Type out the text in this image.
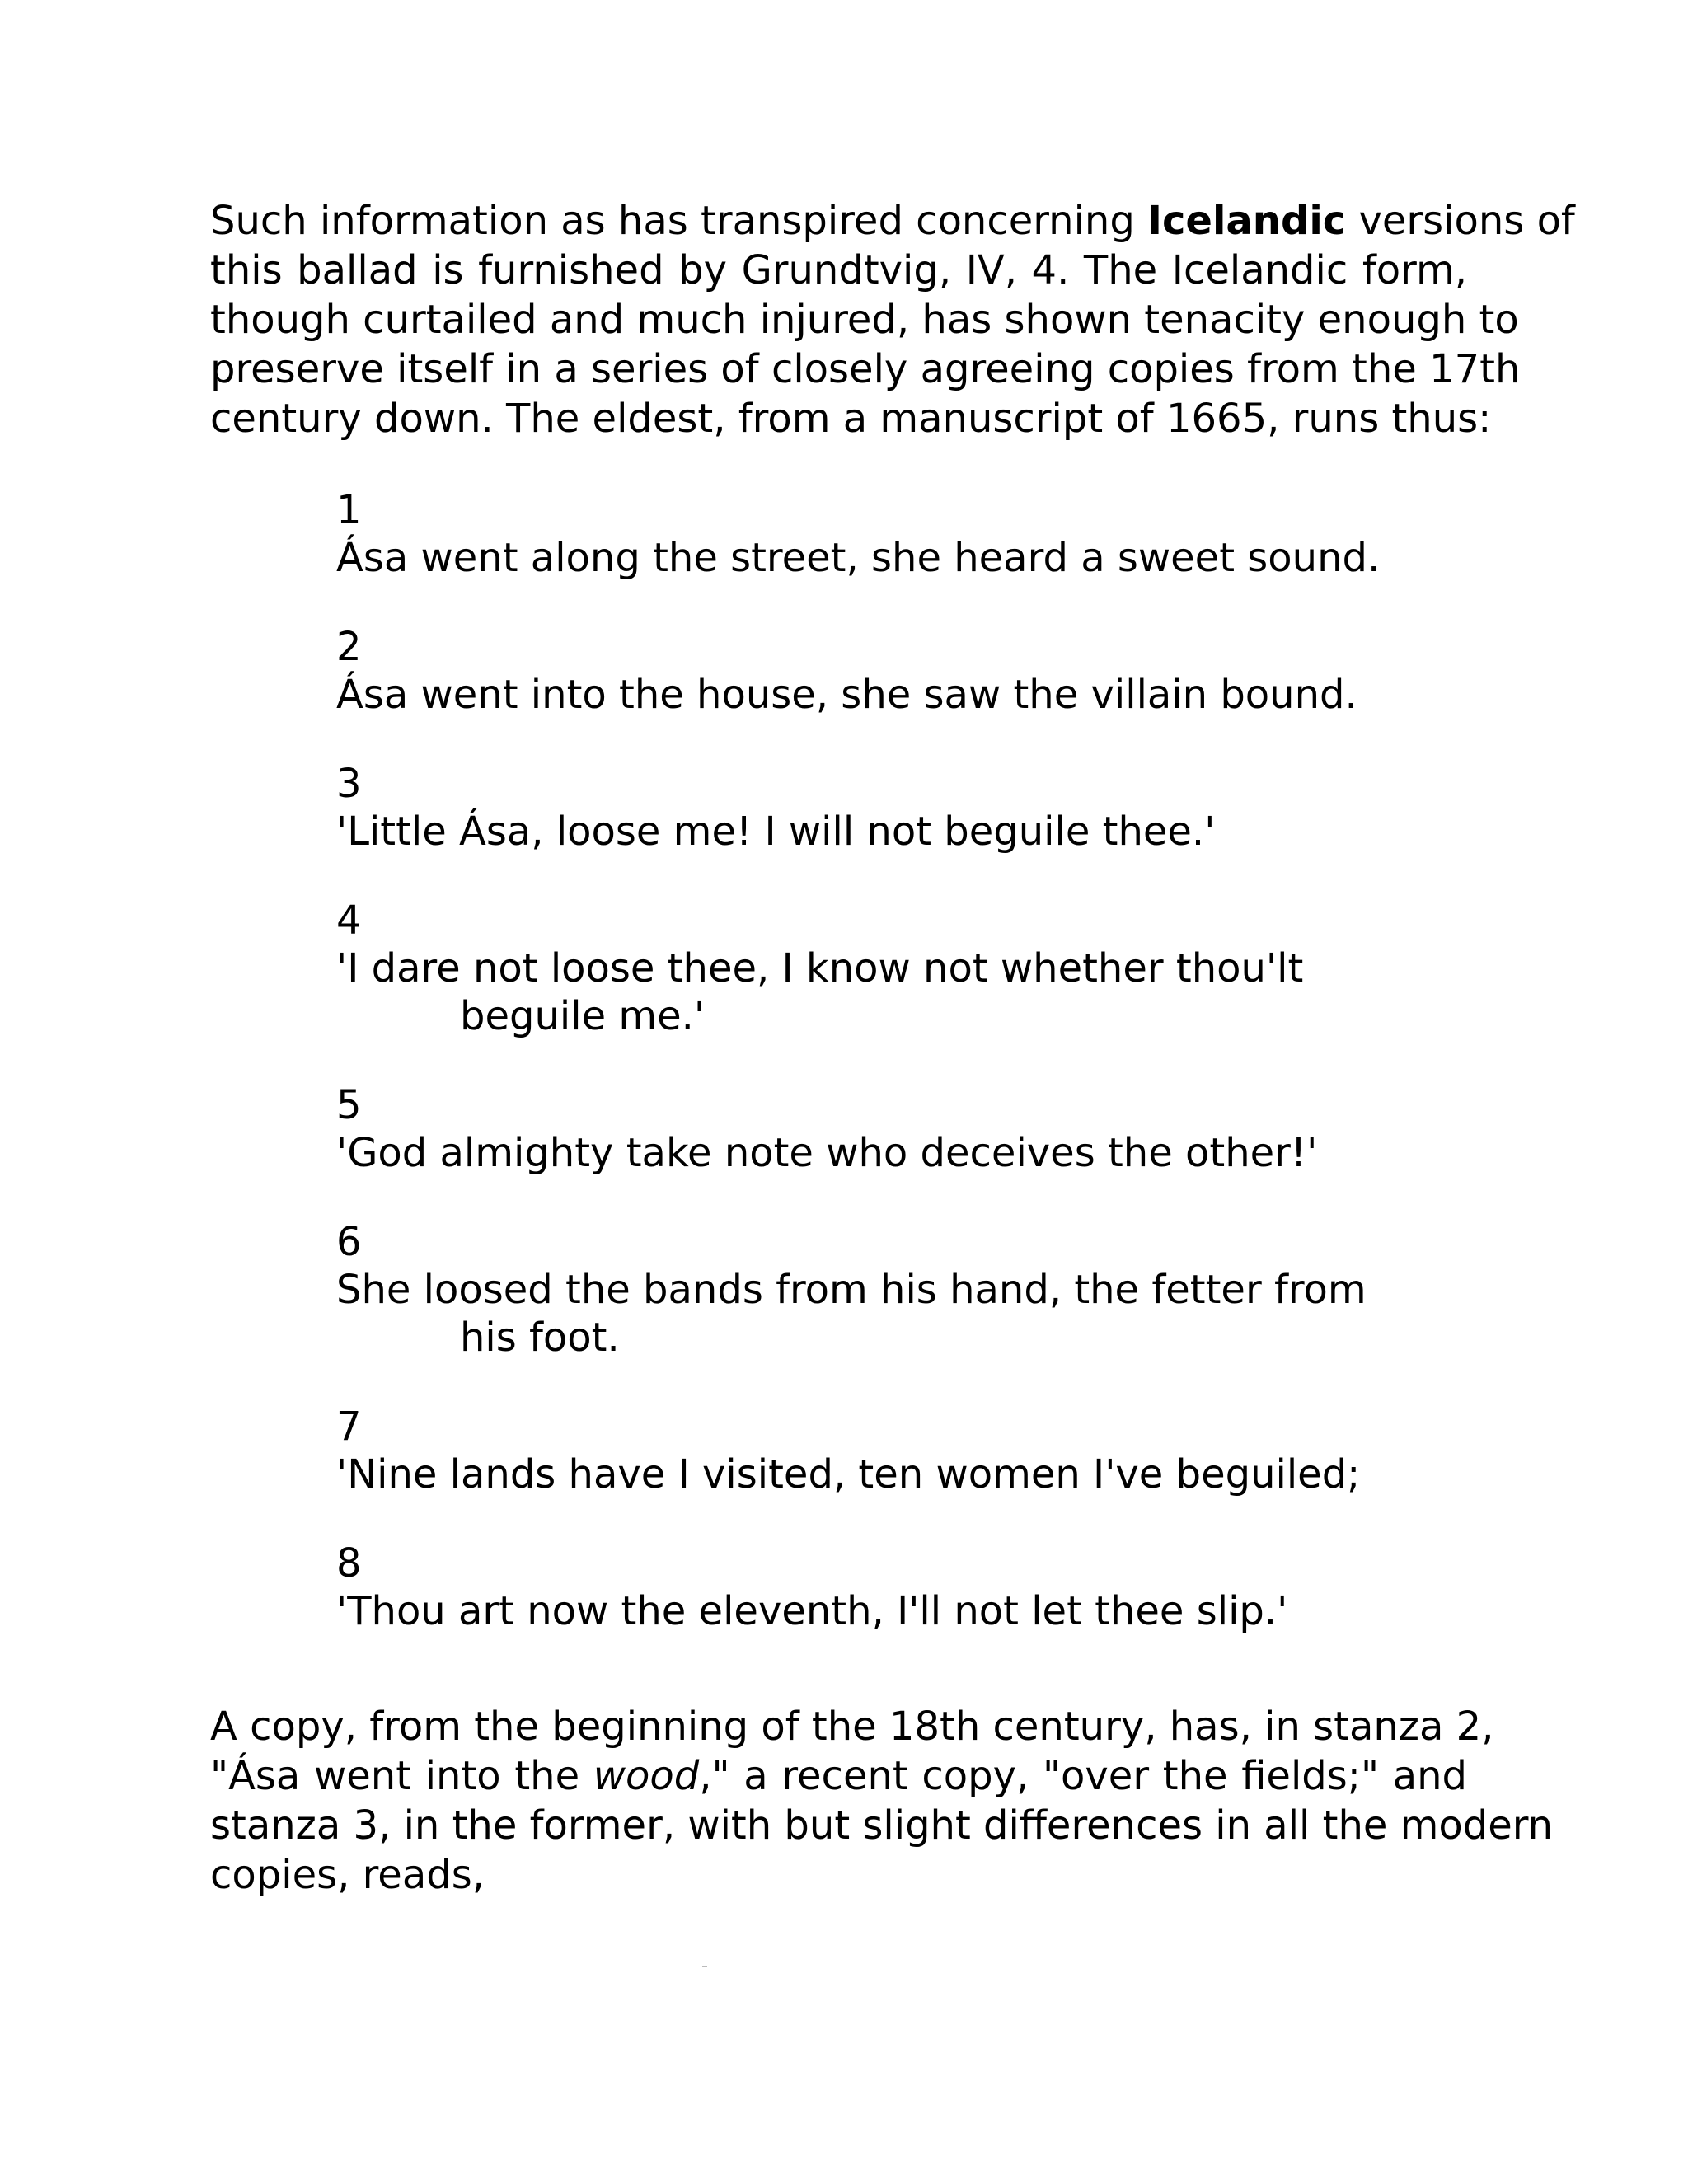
Such information as has transpired concerning Icelandic versions of
this ballad is furnished by Grundtvig, IV, 4. The Icelandic form,
though curtailed and much injured, has shown tenacity enough to
preserve itself in a series of closely agreeing copies from the 17th
century down. The eldest, from a manuscript of 1665, runs thus:
1
Ása went along the street, she heard a sweet sound.
2
Ása went into the house, she saw the villain bound.
3
'Little Ása, loose me! I will not beguile thee.'
4
'I dare not loose thee, I know not whether thou'lt
beguile me.'
5
'God almighty take note who deceives the other!'
6
She loosed the bands from his hand, the fetter from
his foot.
7
'Nine lands have I visited, ten women I've beguiled;
8
'Thou art now the eleventh, I'll not let thee slip.'
A copy, from the beginning of the 18th century, has, in stanza 2,
"Ása went into the wood," a recent copy, "over the fields;" and
stanza 3, in the former, with but slight differences in all the modern
copies, reads,
